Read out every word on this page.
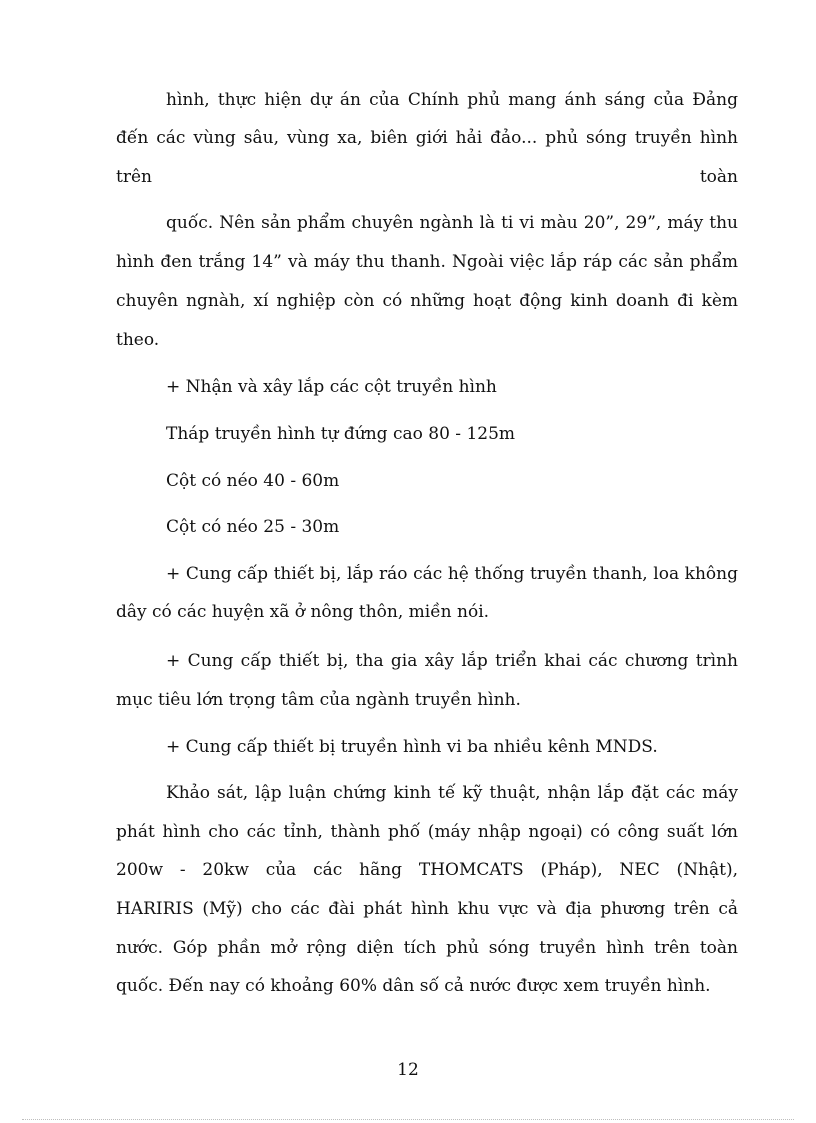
hình, thực hiện dự án của Chính phủ mang ánh sáng của Đảng
đến các vùng sâu, vùng xa, biên giới hải đảo... phủ sóng truyền hình
trên	toàn
quốc. Nên sản phẩm chuyên ngành là ti vi màu 20”, 29”, máy thu
hình đen trắng 14” và máy thu thanh. Ngoài việc lắp ráp các sản phẩm
chuyên ngnàh, xí nghiệp còn có những hoạt động kinh doanh đi kèm
theo.
+ Nhận và xây lắp các cột truyền hình
Tháp truyền hình tự đứng cao 80 - 125m
Cột có néo 40 - 60m
Cột có néo 25 - 30m
+ Cung cấp thiết bị, lắp ráo các hệ thống truyền thanh, loa không
dây có các huyện xã ở nông thôn, miền nói.
+ Cung cấp thiết bị, tha gia xây lắp triển khai các chương trình
mục tiêu lớn trọng tâm của ngành truyền hình.
+ Cung cấp thiết bị truyền hình vi ba nhiều kênh MNDS.
Khảo sát, lập luận chứng kinh tế kỹ thuật, nhận lắp đặt các máy
phát hình cho các tỉnh, thành phố (máy nhập ngoại) có công suất lớn
200w - 20kw của các hãng THOMCATS (Pháp), NEC (Nhật),
HARIRIS (Mỹ) cho các đài phát hình khu vực và địa phương trên cả
nước. Góp phần mở rộng diện tích phủ sóng truyền hình trên toàn
quốc. Đến nay có khoảng 60% dân số cả nước được xem truyền hình.
12
